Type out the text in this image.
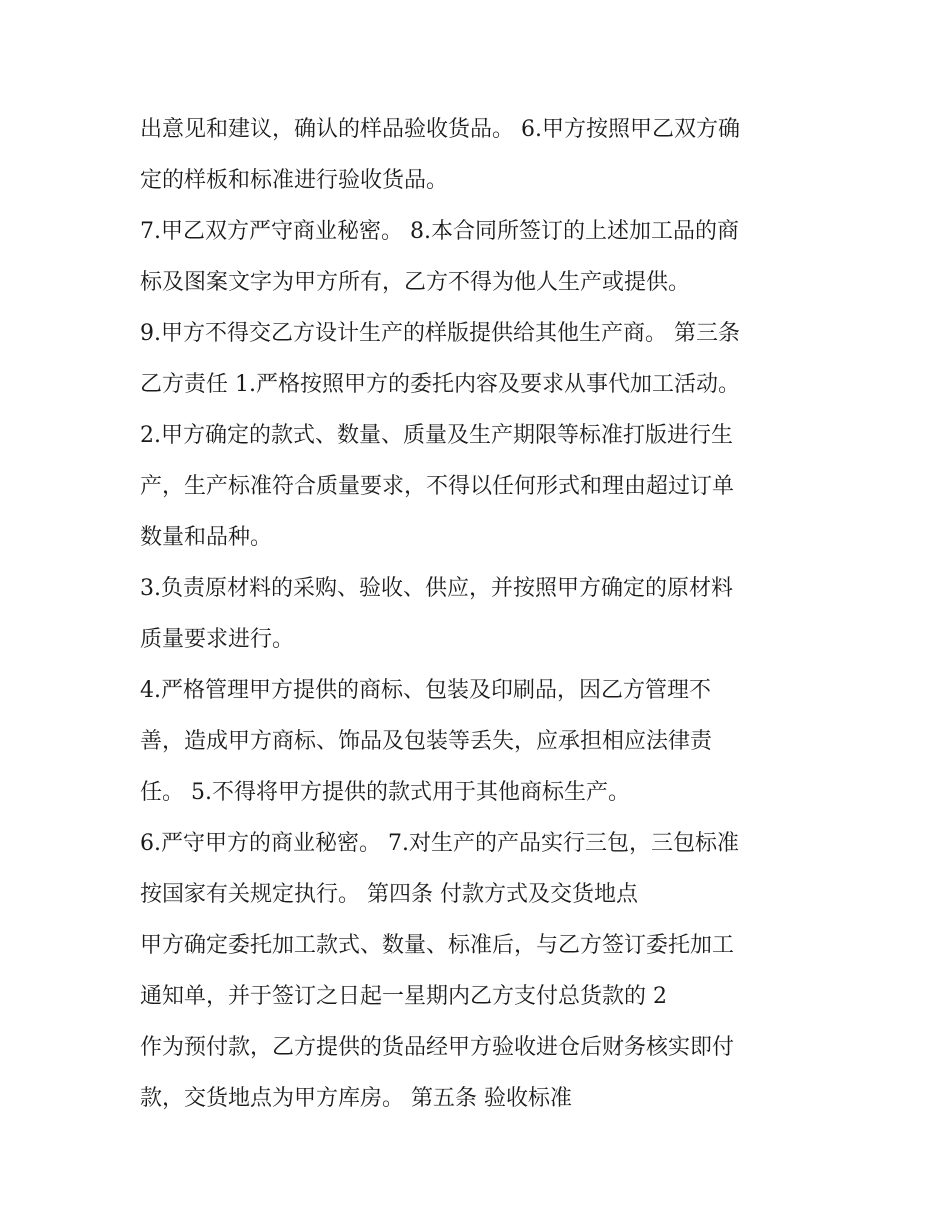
出意见和建议，确认的样品验收货品。 6.甲方按照甲乙双方确
定的样板和标准进行验收货品。
7.甲乙双方严守商业秘密。 8.本合同所签订的上述加工品的商
标及图案文字为甲方所有，乙方不得为他人生产或提供。
9.甲方不得交乙方设计生产的样版提供给其他生产商。 第三条
乙方责任 1.严格按照甲方的委托内容及要求从事代加工活动。
2.甲方确定的款式、数量、质量及生产期限等标准打版进行生
产，生产标准符合质量要求，不得以任何形式和理由超过订单
数量和品种。
3.负责原材料的采购、验收、供应，并按照甲方确定的原材料
质量要求进行。
4.严格管理甲方提供的商标、包装及印刷品，因乙方管理不
善，造成甲方商标、饰品及包装等丢失，应承担相应法律责
任。 5.不得将甲方提供的款式用于其他商标生产。
6.严守甲方的商业秘密。 7.对生产的产品实行三包，三包标准
按国家有关规定执行。 第四条 付款方式及交货地点
甲方确定委托加工款式、数量、标准后，与乙方签订委托加工
通知单，并于签订之日起一星期内乙方支付总货款的 2
作为预付款，乙方提供的货品经甲方验收进仓后财务核实即付
款，交货地点为甲方库房。 第五条 验收标准
